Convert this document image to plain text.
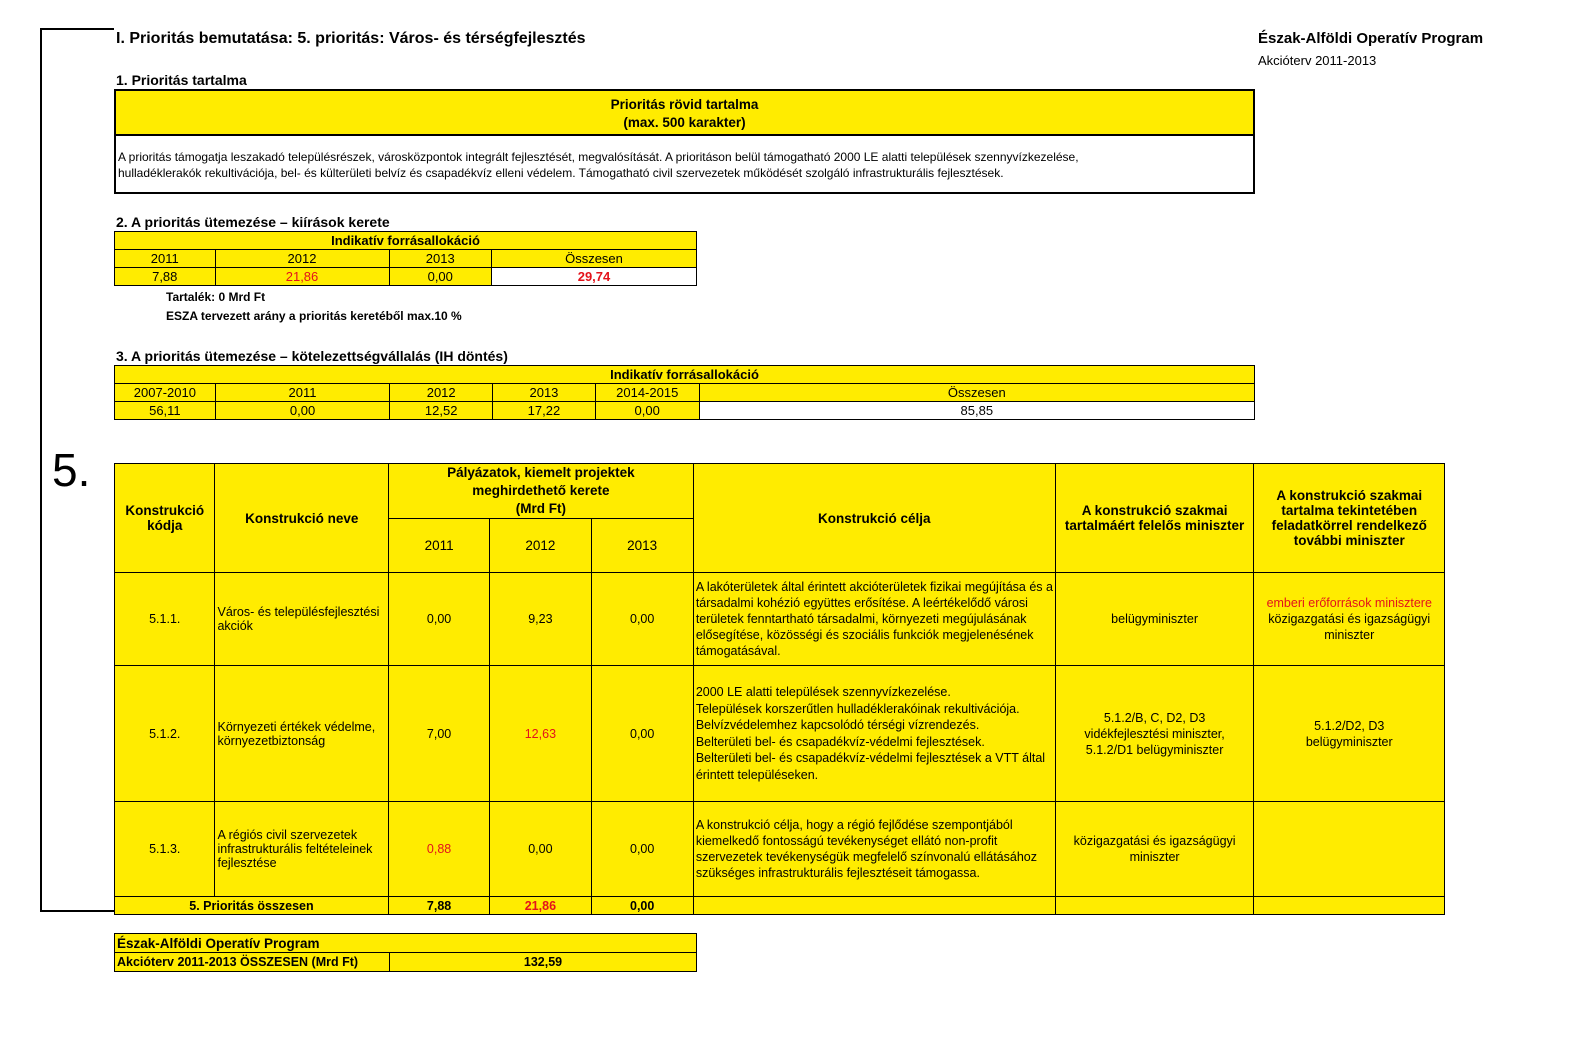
5.
I. Prioritás bemutatása: 5. prioritás: Város- és térségfejlesztés	Észak-Alföldi Operatív Program
Akcióterv 2011-2013
1. Prioritás tartalma
Prioritás rövid tartalma
(max. 500 karakter)
A prioritás támogatja leszakadó településrészek, városközpontok integrált fejlesztését, megvalósítását. A prioritáson belül támogatható 2000 LE alatti települések szennyvízkezelése,
hulladéklerakók rekultivációja, bel- és külterületi belvíz és csapadékvíz elleni védelem. Támogatható civil szervezetek működését szolgáló infrastrukturális fejlesztések.
2. A prioritás ütemezése – kiírások kerete
Indikatív forrásallokáció			
2011	2012	2013	Összesen
7,88	21,86	0,00	29,74
Tartalék: 0 Mrd Ft
ESZA tervezett arány a prioritás keretéből max.10 %
3. A prioritás ütemezése – kötelezettségvállalás (IH döntés)
Indikatív forrásallokáció					
2007-2010	2011	2012	2013	2014-2015	Összesen
56,11	0,00	12,52	17,22	0,00	85,85
Konstrukció kódja	Konstrukció neve	Pályázatok, kiemelt projektek
meghirdethető kerete
(Mrd Ft)			Konstrukció célja	A konstrukció szakmai tartalmáért felelős miniszter	A konstrukció szakmai tartalma tekintetében feladatkörrel rendelkező további miniszter
		2011	2012	2013			
5.1.1.	Város- és településfejlesztési akciók	0,00	9,23	0,00	A lakóterületek által érintett akcióterületek fizikai megújítása és a társadalmi kohézió együttes erősítése. A leértékelődő városi területek fenntartható társadalmi, környezeti megújulásának elősegítése, közösségi és szociális funkciók megjelenésének támogatásával.	belügyminiszter	emberi erőforrások minisztere
közigazgatási és igazságügyi miniszter

5.1.2.	Környezeti értékek védelme, környezetbiztonság	7,00	12,63	0,00	2000 LE alatti települések szennyvízkezelése.
Települések korszerűtlen hulladéklerakóinak rekultivációja.
Belvízvédelemhez kapcsolódó térségi vízrendezés.
Belterületi bel- és csapadékvíz-védelmi fejlesztések.
Belterületi bel- és csapadékvíz-védelmi fejlesztések a VTT által érintett településeken.	5.1.2/B, C, D2, D3 vidékfejlesztési miniszter, 5.1.2/D1 belügyminiszter	5.1.2/D2, D3 belügyminiszter
5.1.3.	A régiós civil szervezetek infrastrukturális feltételeinek fejlesztése	0,88	0,00	0,00	A konstrukció célja, hogy a régió fejlődése szempontjából kiemelkedő fontosságú tevékenységet ellátó non-profit szervezetek tevékenységük megfelelő színvonalú ellátásához szükséges infrastrukturális fejlesztéseit támogassa.	közigazgatási és igazságügyi miniszter	
5. Prioritás összesen		7,88	21,86	0,00			
Észak-Alföldi Operatív Program
Akcióterv 2011-2013 ÖSSZESEN (Mrd Ft)	132,59
